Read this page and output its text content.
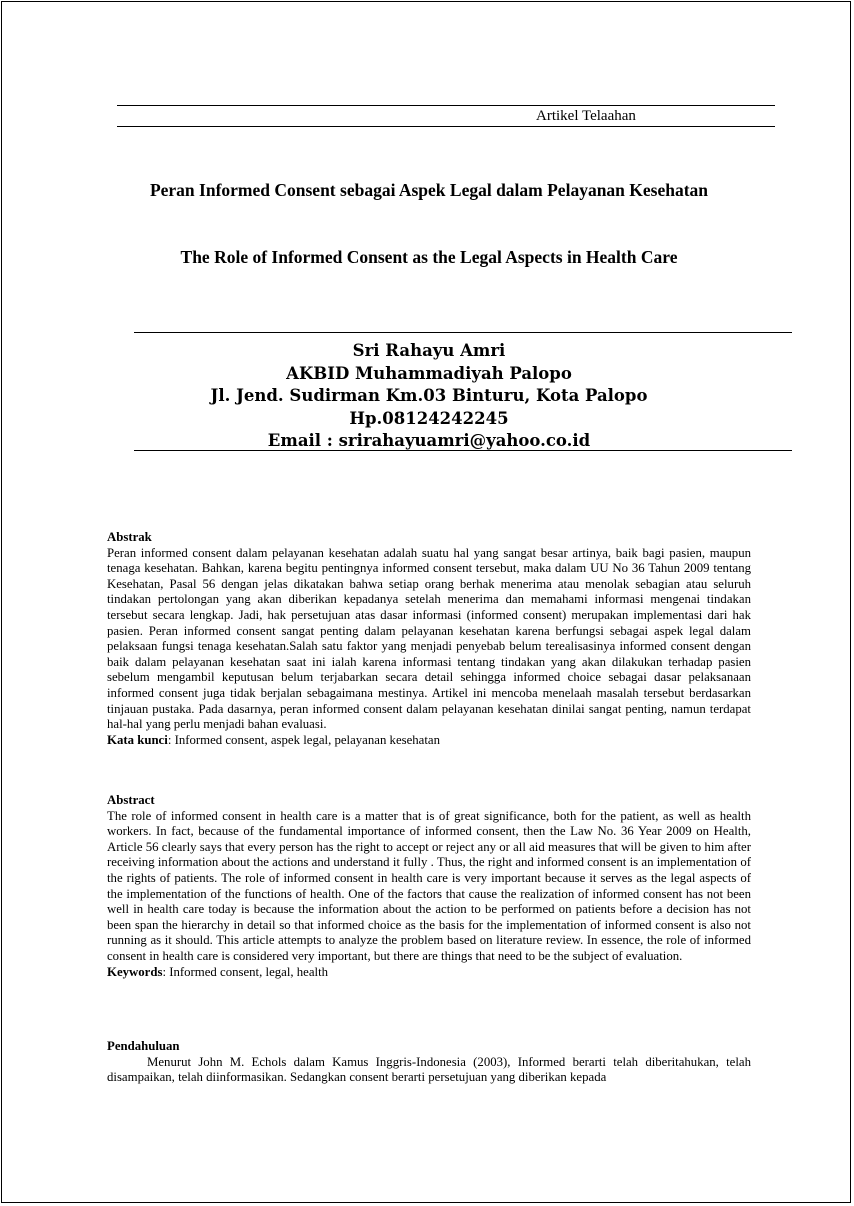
Artikel Telaahan
Peran Informed Consent sebagai Aspek Legal dalam Pelayanan Kesehatan
The Role of Informed Consent as the Legal Aspects in Health Care
Sri Rahayu Amri
AKBID Muhammadiyah Palopo
Jl. Jend. Sudirman Km.03 Binturu, Kota Palopo
Hp.08124242245
Email : srirahayuamri@yahoo.co.id
Abstrak

Peran informed consent dalam pelayanan kesehatan adalah suatu hal yang sangat besar artinya, baik bagi pasien, maupun tenaga kesehatan. Bahkan, karena begitu pentingnya informed consent tersebut, maka dalam UU No 36 Tahun 2009 tentang Kesehatan, Pasal 56 dengan jelas dikatakan bahwa setiap orang berhak menerima atau menolak sebagian atau seluruh tindakan pertolongan yang akan diberikan kepadanya setelah menerima dan memahami informasi mengenai tindakan tersebut secara lengkap. Jadi, hak persetujuan atas dasar informasi (informed consent) merupakan implementasi dari hak pasien. Peran informed consent sangat penting dalam pelayanan kesehatan karena berfungsi sebagai aspek legal dalam pelaksaan fungsi tenaga kesehatan.Salah satu faktor yang menjadi penyebab belum terealisasinya informed consent dengan baik dalam pelayanan kesehatan saat ini ialah karena informasi tentang tindakan yang akan dilakukan terhadap pasien sebelum mengambil keputusan belum terjabarkan secara detail sehingga informed choice sebagai dasar pelaksanaan informed consent juga tidak berjalan sebagaimana mestinya. Artikel ini mencoba menelaah masalah tersebut berdasarkan tinjauan pustaka. Pada dasarnya, peran informed consent dalam pelayanan kesehatan dinilai sangat penting, namun terdapat hal-hal yang perlu menjadi bahan evaluasi.

Kata kunci: Informed consent, aspek legal, pelayanan kesehatan
Abstract

The role of informed consent in health care is a matter that is of great significance, both for the patient, as well as health workers. In fact, because of the fundamental importance of informed consent, then the Law No. 36 Year 2009 on Health, Article 56 clearly says that every person has the right to accept or reject any or all aid measures that will be given to him after receiving information about the actions and understand it fully . Thus, the right and informed consent is an implementation of the rights of patients. The role of informed consent in health care is very important because it serves as the legal aspects of the implementation of the functions of health. One of the factors that cause the realization of informed consent has not been well in health care today is because the information about the action to be performed on patients before a decision has not been span the hierarchy in detail so that informed choice as the basis for the implementation of informed consent is also not running as it should. This article attempts to analyze the problem based on literature review. In essence, the role of informed consent in health care is considered very important, but there are things that need to be the subject of evaluation.

Keywords: Informed consent, legal, health
Pendahuluan

Menurut John M. Echols dalam Kamus Inggris-Indonesia (2003), Informed berarti telah diberitahukan, telah disampaikan, telah diinformasikan. Sedangkan consent berarti persetujuan yang diberikan kepada
